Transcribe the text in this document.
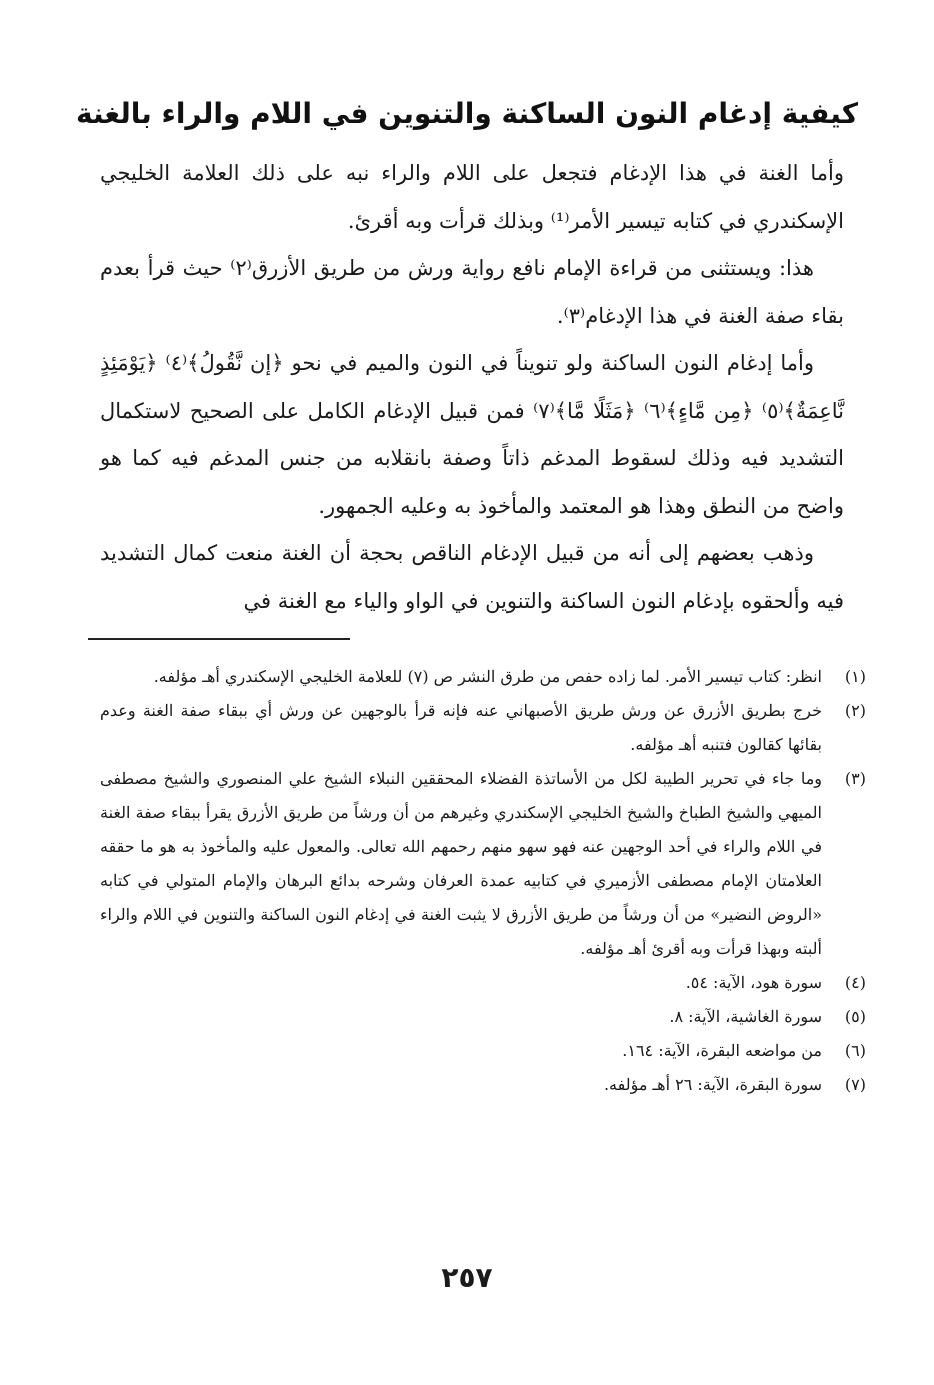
كيفية إدغام النون الساكنة والتنوين في اللام والراء بالغنة

وأما الغنة في هذا الإدغام فتجعل على اللام والراء نبه على ذلك العلامة الخليجي الإسكندري في كتابه تيسير الأمر⁽¹⁾ وبذلك قرأت وبه أقرئ.

هذا: ويستثنى من قراءة الإمام نافع رواية ورش من طريق الأزرق⁽٢⁾ حيث قرأ بعدم بقاء صفة الغنة في هذا الإدغام⁽٣⁾.

وأما إدغام النون الساكنة ولو تنويناً في النون والميم في نحو ﴿إن نَّقُولُ﴾⁽٤⁾ ﴿يَوْمَئِذٍ نَّاعِمَةٌ﴾⁽٥⁾ ﴿مِن مَّاءٍ﴾⁽٦⁾ ﴿مَثَلًا مَّا﴾⁽٧⁾ فمن قبيل الإدغام الكامل على الصحيح لاستكمال التشديد فيه وذلك لسقوط المدغم ذاتاً وصفة بانقلابه من جنس المدغم فيه كما هو واضح من النطق وهذا هو المعتمد والمأخوذ به وعليه الجمهور.

وذهب بعضهم إلى أنه من قبيل الإدغام الناقص بحجة أن الغنة منعت كمال التشديد فيه وألحقوه بإدغام النون الساكنة والتنوين في الواو والياء مع الغنة في

(١)
انظر: كتاب تيسير الأمر. لما زاده حفص من طرق النشر ص (٧) للعلامة الخليجي الإسكندري أهـ مؤلفه.
(٢)
خرج بطريق الأزرق عن ورش طريق الأصبهاني عنه فإنه قرأ بالوجهين عن ورش أي ببقاء صفة الغنة وعدم بقائها كقالون فتنبه أهـ مؤلفه.
(٣)
وما جاء في تحرير الطيبة لكل من الأساتذة الفضلاء المحققين النبلاء الشيخ علي المنصوري والشيخ مصطفى الميهي والشيخ الطباخ والشيخ الخليجي الإسكندري وغيرهم من أن ورشاً من طريق الأزرق يقرأ ببقاء صفة الغنة في اللام والراء في أحد الوجهين عنه فهو سهو منهم رحمهم الله تعالى. والمعول عليه والمأخوذ به هو ما حققه العلامتان الإمام مصطفى الأزميري في كتابيه عمدة العرفان وشرحه بدائع البرهان والإمام المتولي في كتابه «الروض النضير» من أن ورشاً من طريق الأزرق لا يثبت الغنة في إدغام النون الساكنة والتنوين في اللام والراء ألبته وبهذا قرأت وبه أقرئ أهـ مؤلفه.
(٤)
سورة هود، الآية: ٥٤.
(٥)
سورة الغاشية، الآية: ٨.
(٦)
من مواضعه البقرة، الآية: ١٦٤.
(٧)
سورة البقرة، الآية: ٢٦ أهـ مؤلفه.
٢٥٧
